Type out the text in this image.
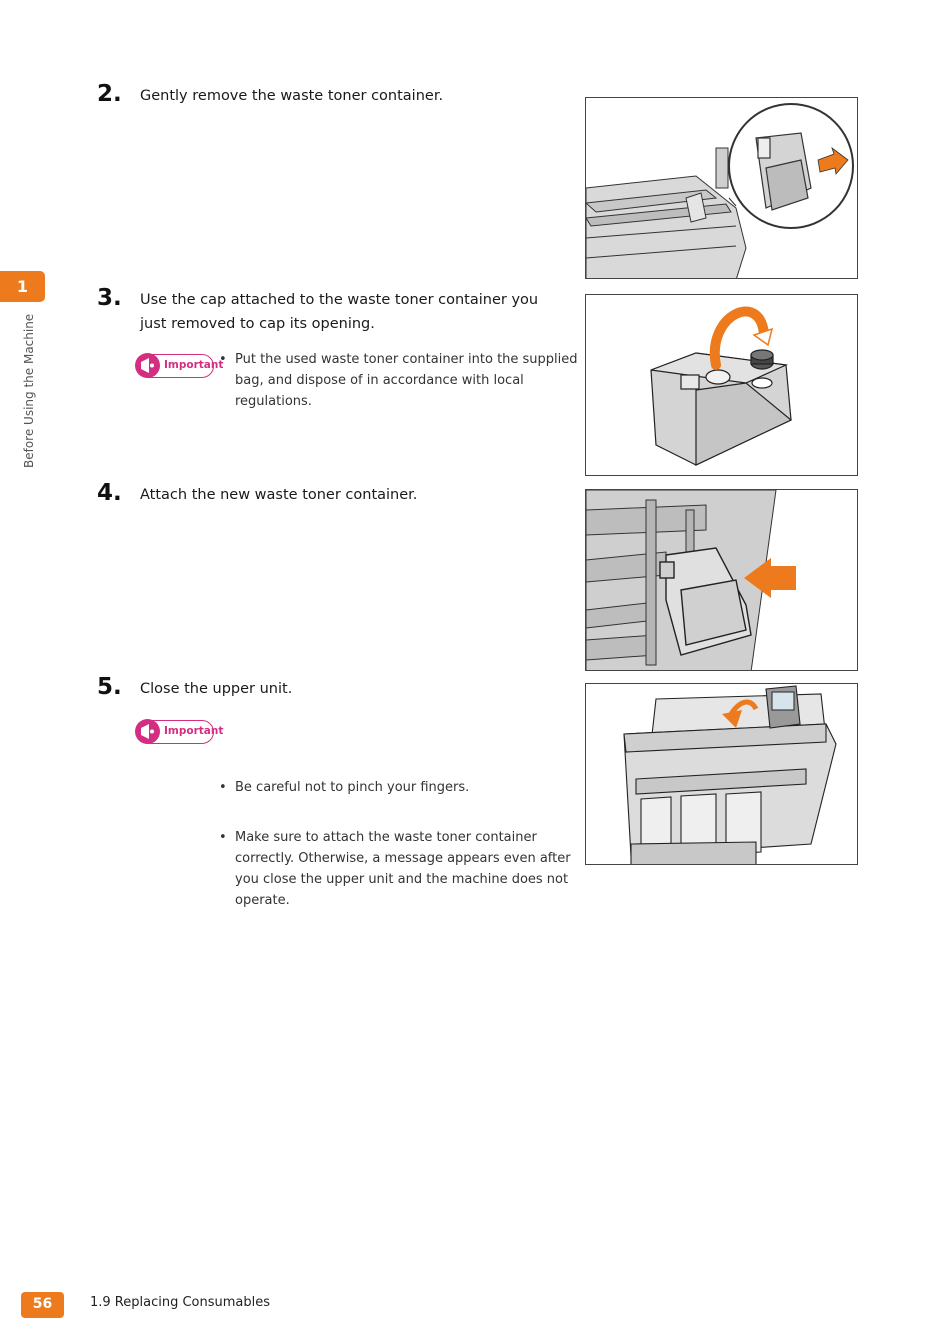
1
Before Using the Machine
2. Gently remove the waste toner container.
3. Use the cap attached to the waste toner container you just removed to cap its opening.
Important
• Put the used waste toner container into the supplied bag, and dispose of in accordance with local regulations.
4. Attach the new waste toner container.
5. Close the upper unit.
Important
• Be careful not to pinch your fingers.
• Make sure to attach the waste toner container correctly. Otherwise, a message appears even after you close the upper unit and the machine does not operate.
56	1.9 Replacing Consumables
